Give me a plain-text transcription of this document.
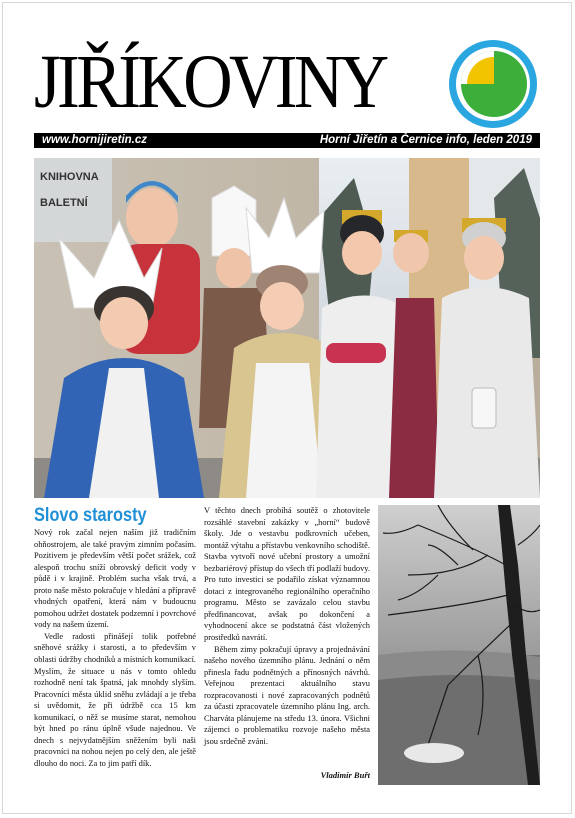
JIŘÍKOVINY
www.hornijiretin.cz	Horní Jiřetín a Černice info, leden 2019
KNIHOVNA
BALETNÍ
Slovo starosty

Nový rok začal nejen naším již tradičním ohňostrojem, ale také pravým zimním počasím. Pozitivem je především větší počet srážek, což alespoň trochu sníží obrovský deficit vody v půdě i v krajině. Problém sucha však trvá, a proto naše město pokračuje v hledání a přípravě vhodných opatření, která nám v budoucnu pomohou udržet dostatek podzemní i povrchové vody na našem území.

Vedle radosti přinášejí tolik potřebné sněhové srážky i starosti, a to především v oblasti údržby chodníků a místních komunikací. Myslím, že situace u nás v tomto ohledu rozhodně není tak špatná, jak mnohdy slyším. Pracovníci města úklid sněhu zvládají a je třeba si uvědomit, že při údržbě cca 15 km komunikací, o něž se musíme starat, nemohou být hned po ránu úplně všude najednou. Ve dnech s nejvydatnějším sněžením byli naši pracovníci na nohou nejen po celý den, ale ještě dlouho do noci. Za to jim patří dík.

V těchto dnech probíhá soutěž o zhotovitele rozsáhlé stavební zakázky v „horní“ budově školy. Jde o vestavbu podkrovních učeben, montáž výtahu a přístavbu venkovního schodiště. Stavba vytvoří nové učební prostory a umožní bezbariérový přístup do všech tří podlaží budovy. Pro tuto investici se podařilo získat významnou dotaci z integrovaného regionálního operačního programu. Město se zavázalo celou stavbu předfinancovat, avšak po dokončení a vyhodnocení akce se podstatná část vložených prostředků navrátí.

Během zimy pokračují úpravy a projednávání našeho nového územního plánu. Jednání o něm přinesla řadu podnětných a přínosných návrhů. Veřejnou prezentaci aktuálního stavu rozpracovanosti i nové zapracovaných podnětů za účasti zpracovatele územního plánu Ing. arch. Charváta plánujeme na středu 13. února. Všichni zájemci o problematiku rozvoje našeho města jsou srdečně zváni.

Vladimír Buřt
